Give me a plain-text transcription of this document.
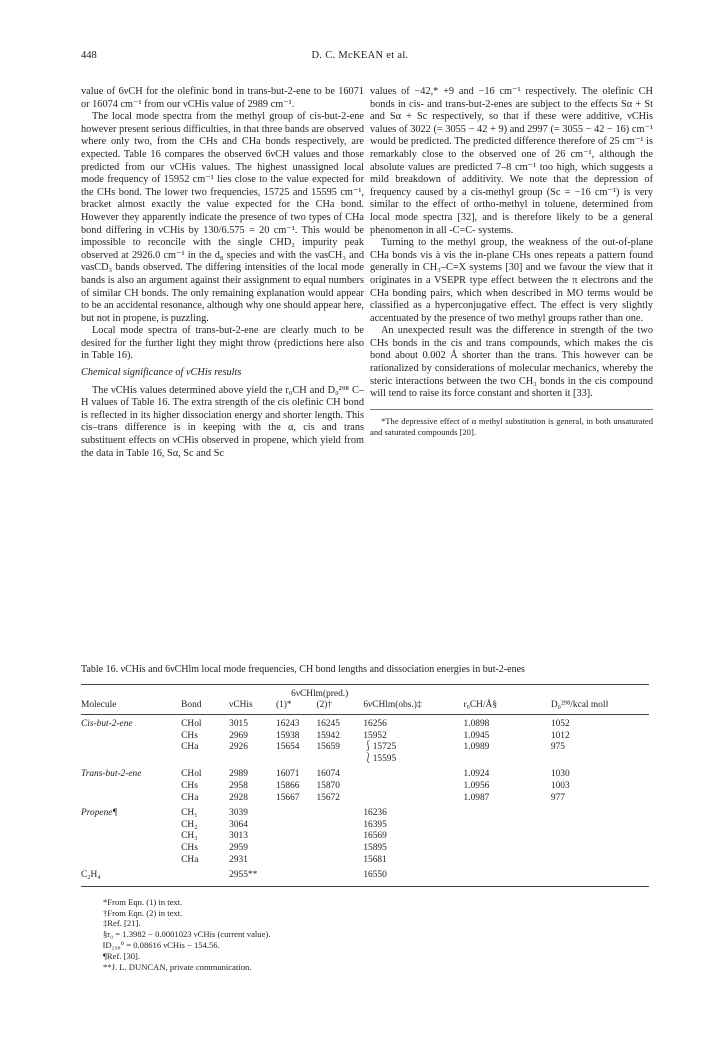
448	D. C. McKEAN et al.

value of 6νCH for the olefinic bond in trans-but-2-ene to be 16071 or 16074 cm⁻¹ from our νCHis value of 2989 cm⁻¹.

The local mode spectra from the methyl group of cis-but-2-ene however present serious difficulties, in that three bands are observed where only two, from the CHs and CHa bonds respectively, are expected. Table 16 compares the observed 6νCH values and those predicted from our νCHis values. The highest unassigned local mode frequency of 15952 cm⁻¹ lies close to the value expected for the CHs bond. The lower two frequencies, 15725 and 15595 cm⁻¹, bracket almost exactly the value expected for the CHa bond. However they apparently indicate the presence of two types of CHa bond differing in νCHis by 130/6.575 = 20 cm⁻¹. This would be impossible to reconcile with the single CHD₂ impurity peak observed at 2926.0 cm⁻¹ in the d₈ species and with the νasCH₃ and νasCD₃ bands observed. The differing intensities of the local mode bands is also an argument against their assignment to equal numbers of similar CH bonds. The only remaining explanation would appear to be an accidental resonance, although why one should appear here, but not in propene, is puzzling.

Local mode spectra of trans-but-2-ene are clearly much to be desired for the further light they might throw (predictions here also in Table 16).

Chemical significance of νCHis results

The νCHis values determined above yield the r₀CH and D₀²⁹⁸ C–H values of Table 16. The extra strength of the cis olefinic CH bond is reflected in its higher dissociation energy and shorter length. This cis–trans difference is in keeping with the α, cis and trans substituent effects on νCHis observed in propene, which yield from the data in Table 16, Sα, Sc and Sc

values of −42,* +9 and −16 cm⁻¹ respectively. The olefinic CH bonds in cis- and trans-but-2-enes are subject to the effects Sα + St and Sα + Sc respectively, so that if these were additive, νCHis values of 3022 (= 3055 − 42 + 9) and 2997 (= 3055 − 42 − 16) cm⁻¹ would be predicted. The predicted difference therefore of 25 cm⁻¹ is remarkably close to the observed one of 26 cm⁻¹, although the absolute values are predicted 7–8 cm⁻¹ too high, which suggests a mild breakdown of additivity. We note that the depression of frequency caused by a cis-methyl group (Sc = −16 cm⁻¹) is very similar to the effect of ortho-methyl in toluene, determined from local mode spectra [32], and is therefore likely to be a general phenomenon in all ‐C=C‐ systems.

Turning to the methyl group, the weakness of the out-of-plane CHa bonds vis à vis the in-plane CHs ones repeats a pattern found generally in CH₃–C=X systems [30] and we favour the view that it originates in a VSEPR type effect between the π electrons and the CHa bonding pairs, which when described in MO terms would be classified as a hyperconjugative effect. The effect is very slightly accentuated by the presence of two methyl groups rather than one.

An unexpected result was the difference in strength of the two CHs bonds in the cis and trans compounds, which makes the cis bond about 0.002 Å shorter than the trans. This however can be rationalized by considerations of molecular mechanics, whereby the steric interactions between the two CH₃ bonds in the cis compound will tend to raise its force constant and shorten it [33].

*The depressive effect of α methyl substitution is general, in both unsaturated and saturated compounds [20].

Table 16. νCHis and 6νCHlm local mode frequencies, CH bond lengths and dissociation energies in but-2-enes
			6νCHlm(pred.)				
Molecule	Bond	νCHis	(1)*	(2)†	6νCHlm(obs.)‡	r₀CH/Å§	D₀²⁹⁸/kcal mol‖
Cis-but-2-ene	CHol	3015	16243	16245	16256	1.0898	1052
	CHs	2969	15938	15942	15952	1.0945	1012
	CHa	2926	15654	15659	⎰15725	1.0989	975
					⎱15595		
Trans-but-2-ene	CHol	2989	16071	16074		1.0924	1030
	CHs	2958	15866	15870		1.0956	1003
	CHa	2928	15667	15672		1.0987	977
Propene¶	CH₁	3039			16236		
	CH₂	3064			16395		
	CH₃	3013			16569		
	CHs	2959			15895		
	CHa	2931			15681		
C₂H₄		2955**			16550		
*From Eqn. (1) in text.
†From Eqn. (2) in text.
‡Ref. [21].
§r₀ = 1.3982 − 0.0001023 νCHis (current value).
‖D₂₉₈⁰ = 0.08616 νCHis − 154.56.
¶Ref. [30].
**J. L. DUNCAN, private communication.
